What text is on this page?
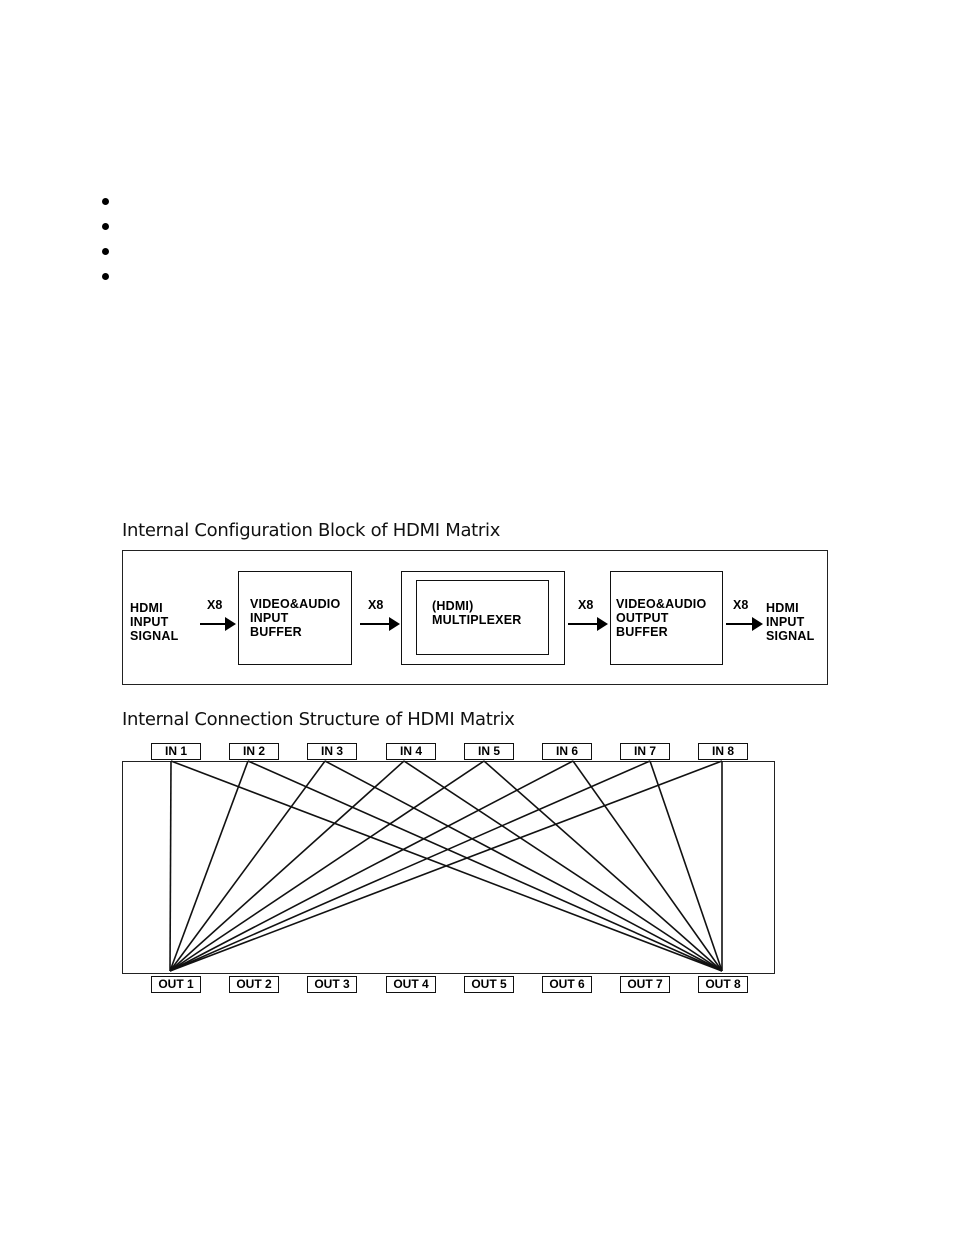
Internal Configuration Block of HDMI Matrix
HDMI
INPUT
SIGNAL
X8 VIDEO&AUDIO
INPUT
BUFFER
X8	(HDMI)
MULTIPLEXER
X8 VIDEO&AUDIO
OUTPUT
BUFFER
X8 HDMI
INPUT
SIGNAL
Internal Connection Structure of HDMI Matrix
IN 1	IN 2	IN 3	IN 4	IN 5	IN 6	IN 7	IN 8
OUT 1	OUT 2	OUT 3	OUT 4	OUT 5	OUT 6	OUT 7	OUT 8
